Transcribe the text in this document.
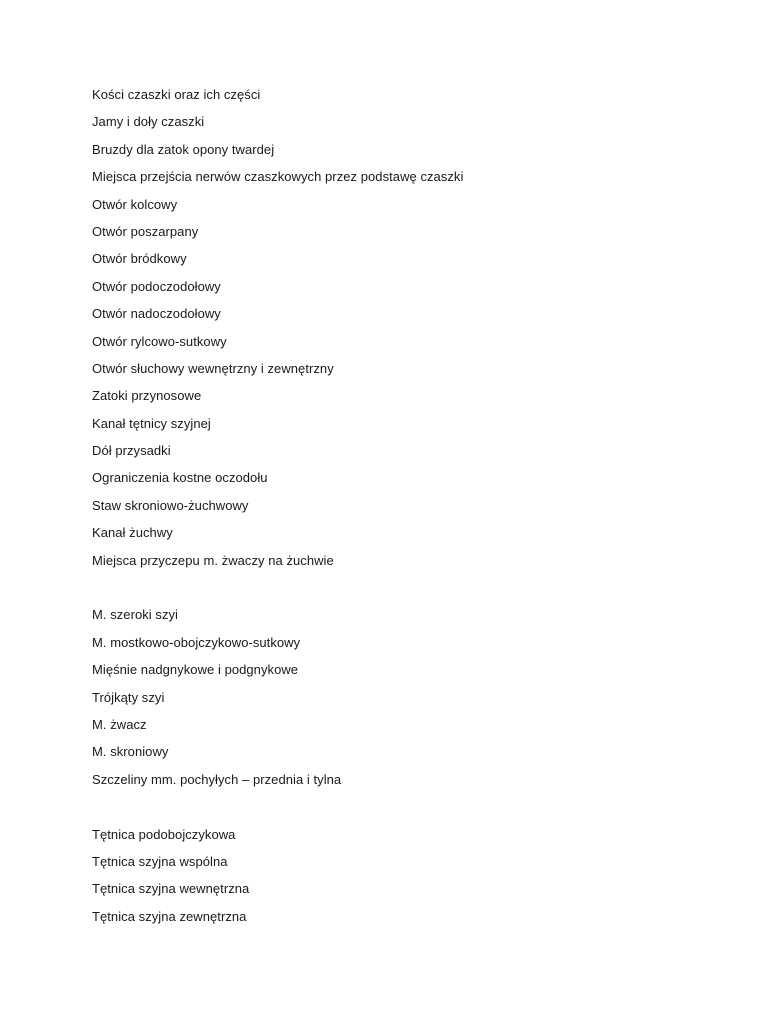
Kości czaszki oraz ich części
Jamy i doły czaszki
Bruzdy dla zatok opony twardej
Miejsca przejścia nerwów czaszkowych przez podstawę czaszki
Otwór kolcowy
Otwór poszarpany
Otwór bródkowy
Otwór podoczodołowy
Otwór nadoczodołowy
Otwór rylcowo-sutkowy
Otwór słuchowy wewnętrzny i zewnętrzny
Zatoki przynosowe
Kanał tętnicy szyjnej
Dół przysadki
Ograniczenia kostne oczodołu
Staw skroniowo-żuchwowy
Kanał żuchwy
Miejsca przyczepu m. żwaczy na żuchwie
M. szeroki szyi
M. mostkowo-obojczykowo-sutkowy
Mięśnie nadgnykowe i podgnykowe
Trójkąty szyi
M. żwacz
M. skroniowy
Szczeliny mm. pochyłych – przednia i tylna
Tętnica podobojczykowa
Tętnica szyjna wspólna
Tętnica szyjna wewnętrzna
Tętnica szyjna zewnętrzna
